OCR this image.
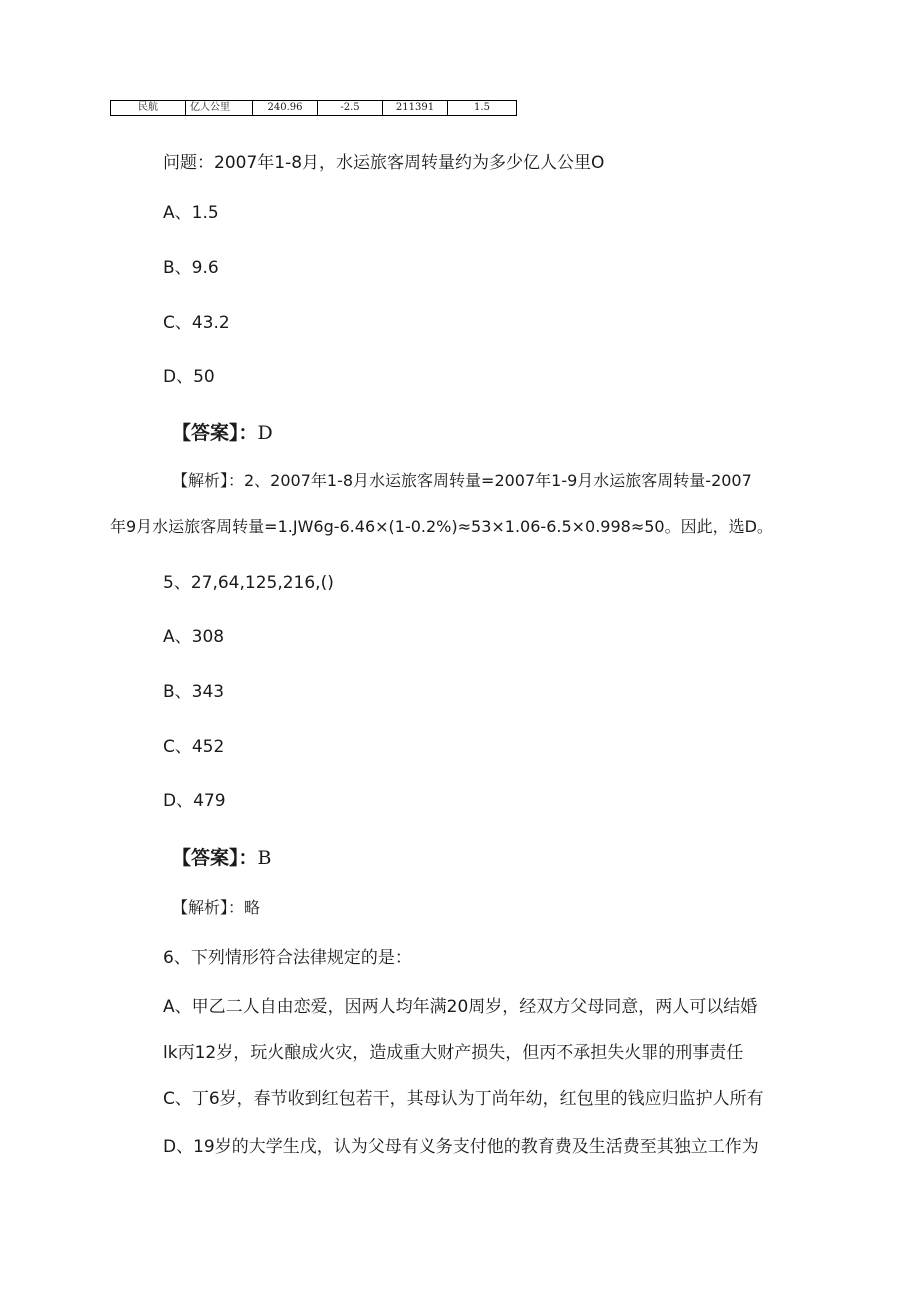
民航	亿人公里	240.96	-2.5	211391	1.5
问题：2007年1-8月，水运旅客周转量约为多少亿人公里O
A、1.5
B、9.6
C、43.2
D、50
【答案】：D
【解析】：2、2007年1-8月水运旅客周转量=2007年1-9月水运旅客周转量-2007
年9月水运旅客周转量=1.JW6g-6.46×(1-0.2%)≈53×1.06-6.5×0.998≈50。因此，选D。
5、27,64,125,216,()
A、308
B、343
C、452
D、479
【答案】：B
【解析】：略
6、下列情形符合法律规定的是：
A、甲乙二人自由恋爱，因两人均年满20周岁，经双方父母同意，两人可以结婚
lk丙12岁，玩火酿成火灾，造成重大财产损失，但丙不承担失火罪的刑事责任
C、丁6岁，春节收到红包若干，其母认为丁尚年幼，红包里的钱应归监护人所有
D、19岁的大学生戊，认为父母有义务支付他的教育费及生活费至其独立工作为
